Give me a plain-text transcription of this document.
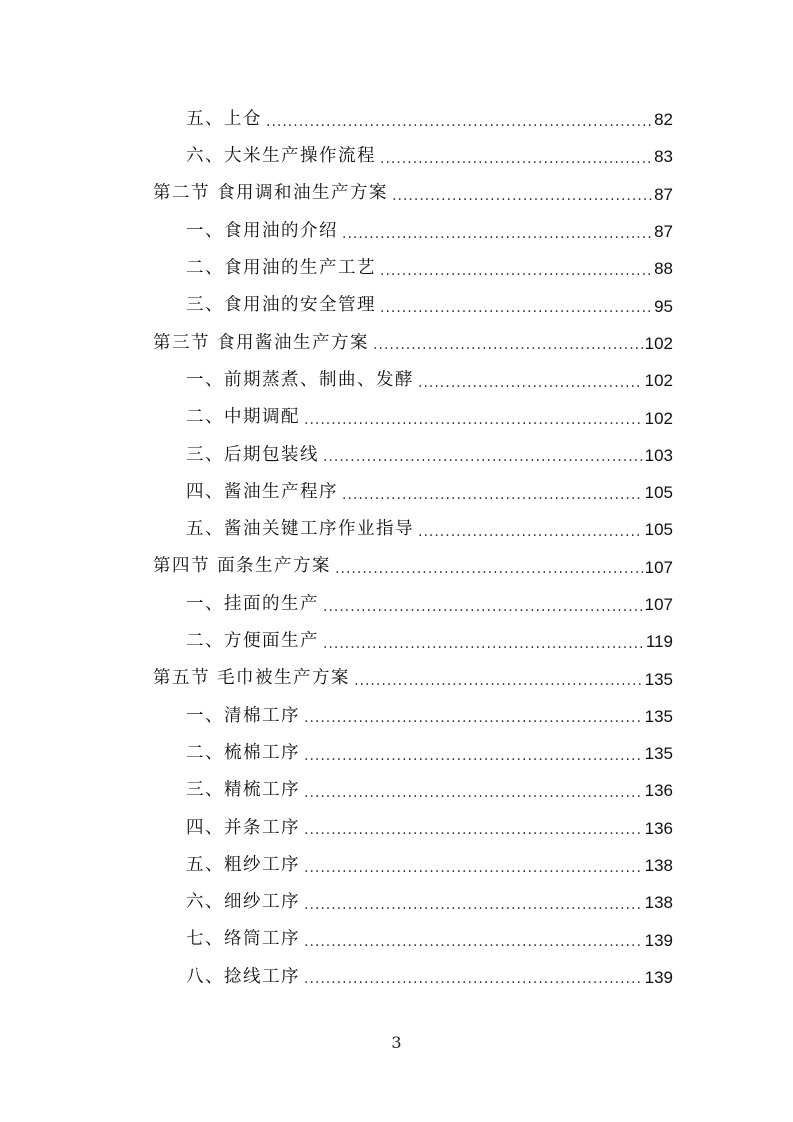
五、上仓 .....	82
六、大米生产操作流程 .....	83
第二节 食用调和油生产方案 .....	87
一、食用油的介绍 .....	87
二、食用油的生产工艺 .....	88
三、食用油的安全管理 .....	95
第三节 食用酱油生产方案 .....	102
一、前期蒸煮、制曲、发酵 .....	102
二、中期调配 .....	102
三、后期包装线 .....	103
四、酱油生产程序 .....	105
五、酱油关键工序作业指导 .....	105
第四节 面条生产方案 .....	107
一、挂面的生产 .....	107
二、方便面生产 .....	119
第五节 毛巾被生产方案 .....	135
一、清棉工序 .....	135
二、梳棉工序 .....	135
三、精梳工序 .....	136
四、并条工序 .....	136
五、粗纱工序 .....	138
六、细纱工序 .....	138
七、络筒工序 .....	139
八、捻线工序 .....	139
3
